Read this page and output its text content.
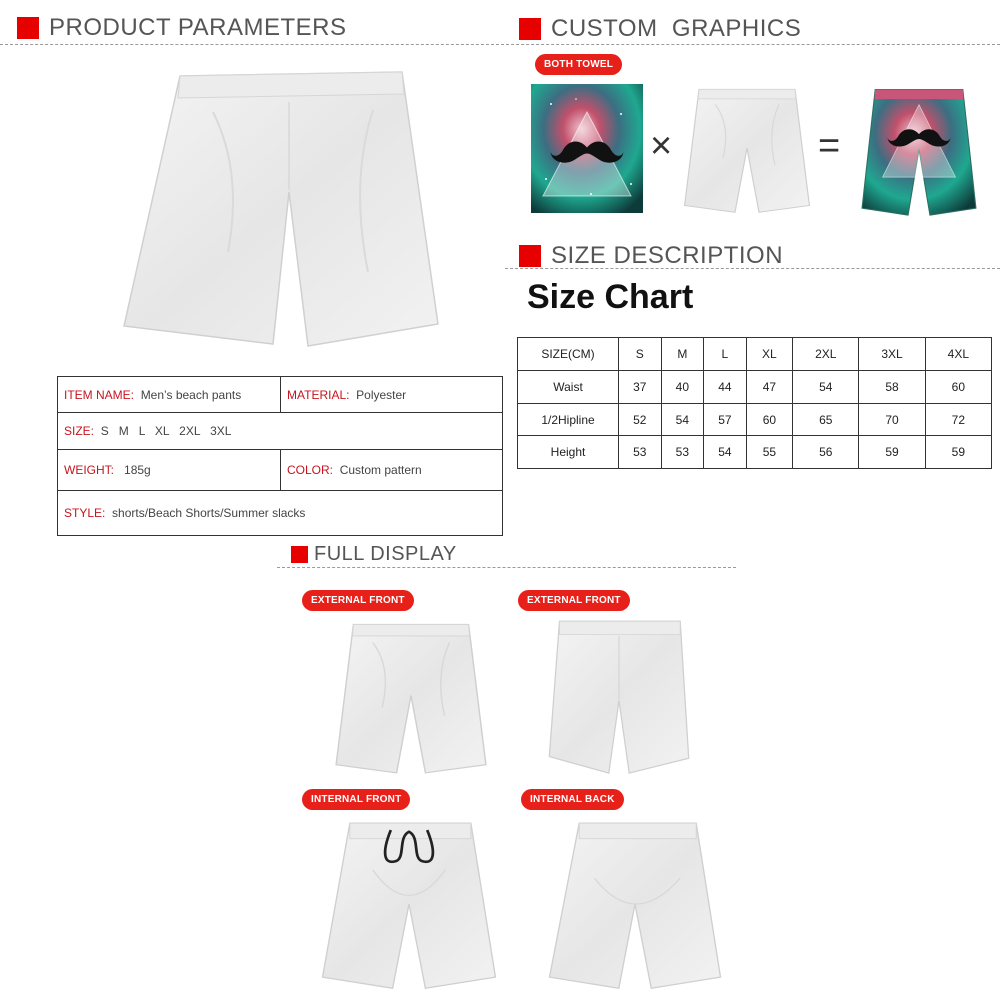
PRODUCT PARAMETERS
ITEM NAME: Men’s beach pants	MATERIAL: Polyester
SIZE: S   M   L   XL   2XL   3XL	
WEIGHT: 185g	COLOR: Custom pattern
STYLE: shorts/Beach Shorts/Summer slacks	
CUSTOM  GRAPHICS
BOTH TOWEL
×	=
SIZE DESCRIPTION
Size Chart
SIZE(CM)	S	M	L	XL	2XL	3XL	4XL
Waist	37	40	44	47	54	58	60
1/2Hipline	52	54	57	60	65	70	72
Height	53	53	54	55	56	59	59
FULL DISPLAY
EXTERNAL FRONT	EXTERNAL FRONT
INTERNAL FRONT	INTERNAL BACK
